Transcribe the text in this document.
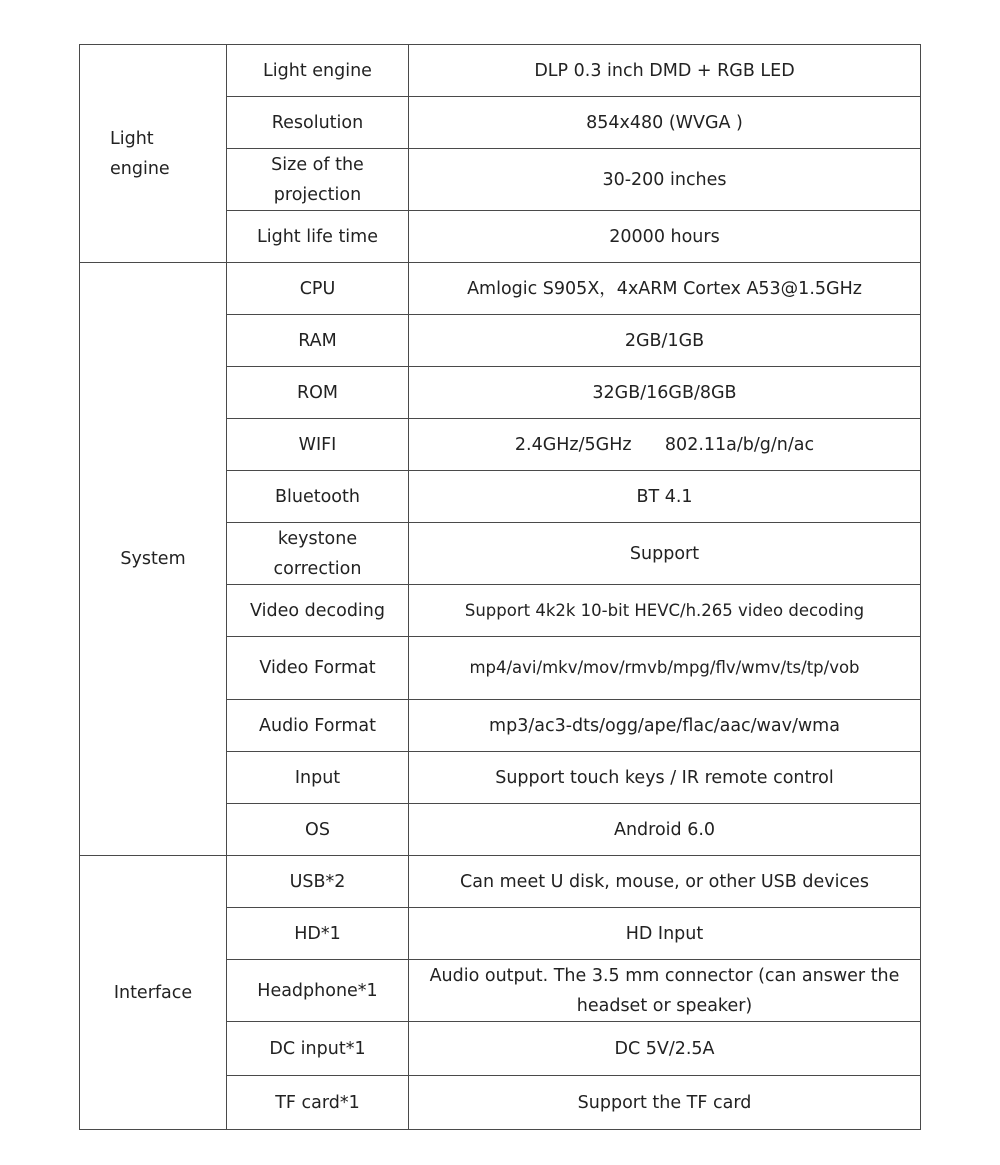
Light
engine	Light engine	DLP 0.3 inch DMD + RGB LED
	Resolution	854x480 (WVGA )
	Size of the projection	30-200 inches
	Light life time	20000 hours
System	CPU	Amlogic S905X，4xARM Cortex A53@1.5GHz
	RAM	2GB/1GB
	ROM	32GB/16GB/8GB
	WIFI	2.4GHz/5GHz      802.11a/b/g/n/ac
	Bluetooth	BT 4.1
	keystone correction	Support
	Video decoding	Support 4k2k 10-bit HEVC/h.265 video decoding
	Video Format	mp4/avi/mkv/mov/rmvb/mpg/flv/wmv/ts/tp/vob
	Audio Format	mp3/ac3-dts/ogg/ape/flac/aac/wav/wma
	Input	Support touch keys / IR remote control
	OS	Android 6.0
Interface	USB*2	Can meet U disk, mouse, or other USB devices
	HD*1	HD Input
	Headphone*1	Audio output. The 3.5 mm connector (can answer the headset or speaker)
	DC input*1	DC 5V/2.5A
	TF card*1	Support the TF card
